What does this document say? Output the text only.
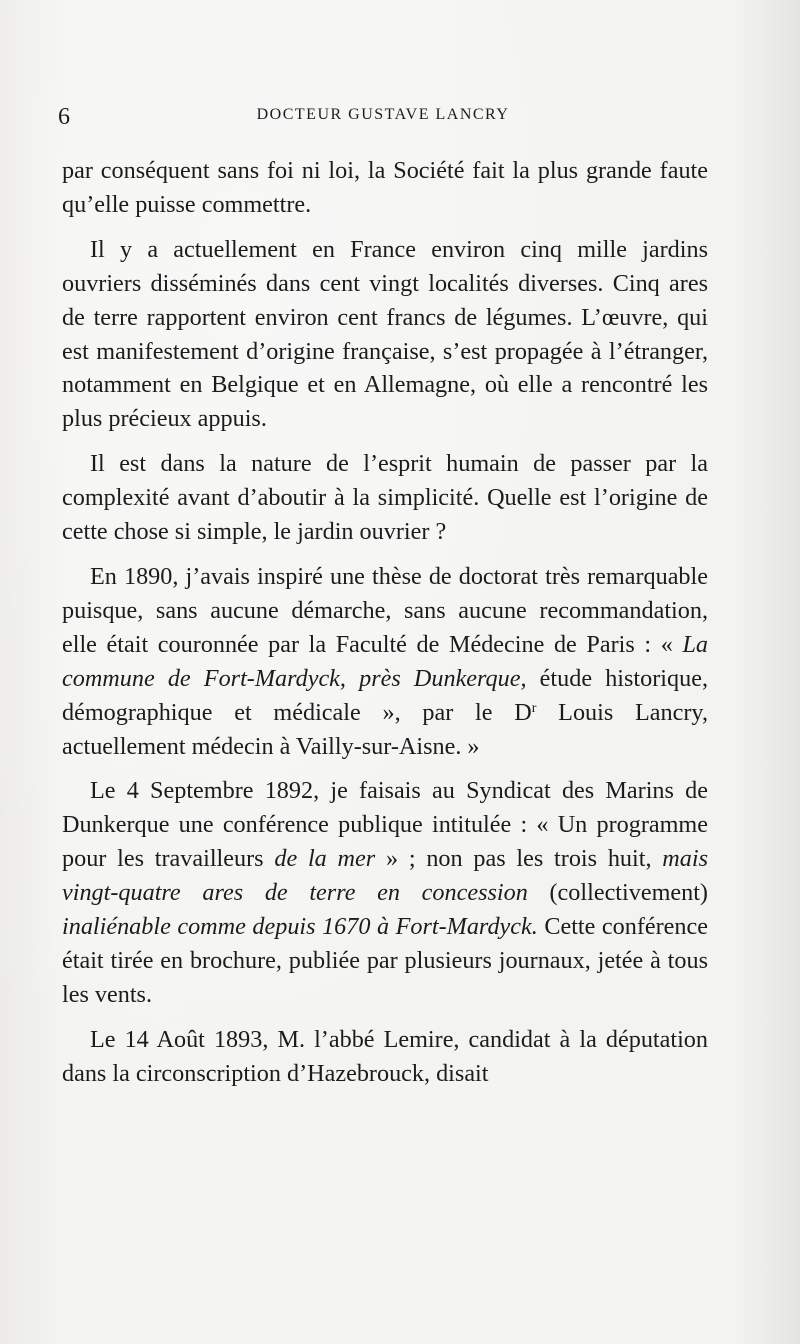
6	DOCTEUR GUSTAVE LANCRY

par conséquent sans foi ni loi, la Société fait la plus grande faute qu’elle puisse commettre.

Il y a actuellement en France environ cinq mille jardins ouvriers disséminés dans cent vingt localités diverses. Cinq ares de terre rapportent environ cent francs de légumes. L’œuvre, qui est manifestement d’origine française, s’est propagée à l’étranger, notamment en Belgique et en Allemagne, où elle a rencontré les plus précieux appuis.

Il est dans la nature de l’esprit humain de passer par la complexité avant d’aboutir à la simplicité. Quelle est l’origine de cette chose si simple, le jardin ouvrier ?

En 1890, j’avais inspiré une thèse de doctorat très remarquable puisque, sans aucune démarche, sans aucune recommandation, elle était couronnée par la Faculté de Médecine de Paris : « La commune de Fort-Mardyck, près Dunkerque, étude historique, démographique et médicale », par le $D^r$ Louis Lancry, actuellement médecin à Vailly-sur-Aisne. »

Le 4 Septembre 1892, je faisais au Syndicat des Marins de Dunkerque une conférence publique intitulée : « Un programme pour les travailleurs de la mer » ; non pas les trois huit, mais vingt-quatre ares de terre en concession (collectivement) inaliénable comme depuis 1670 à Fort-Mardyck. Cette conférence était tirée en brochure, publiée par plusieurs journaux, jetée à tous les vents.

Le 14 Août 1893, M. l’abbé Lemire, candidat à la députation dans la circonscription d’Hazebrouck, disait
